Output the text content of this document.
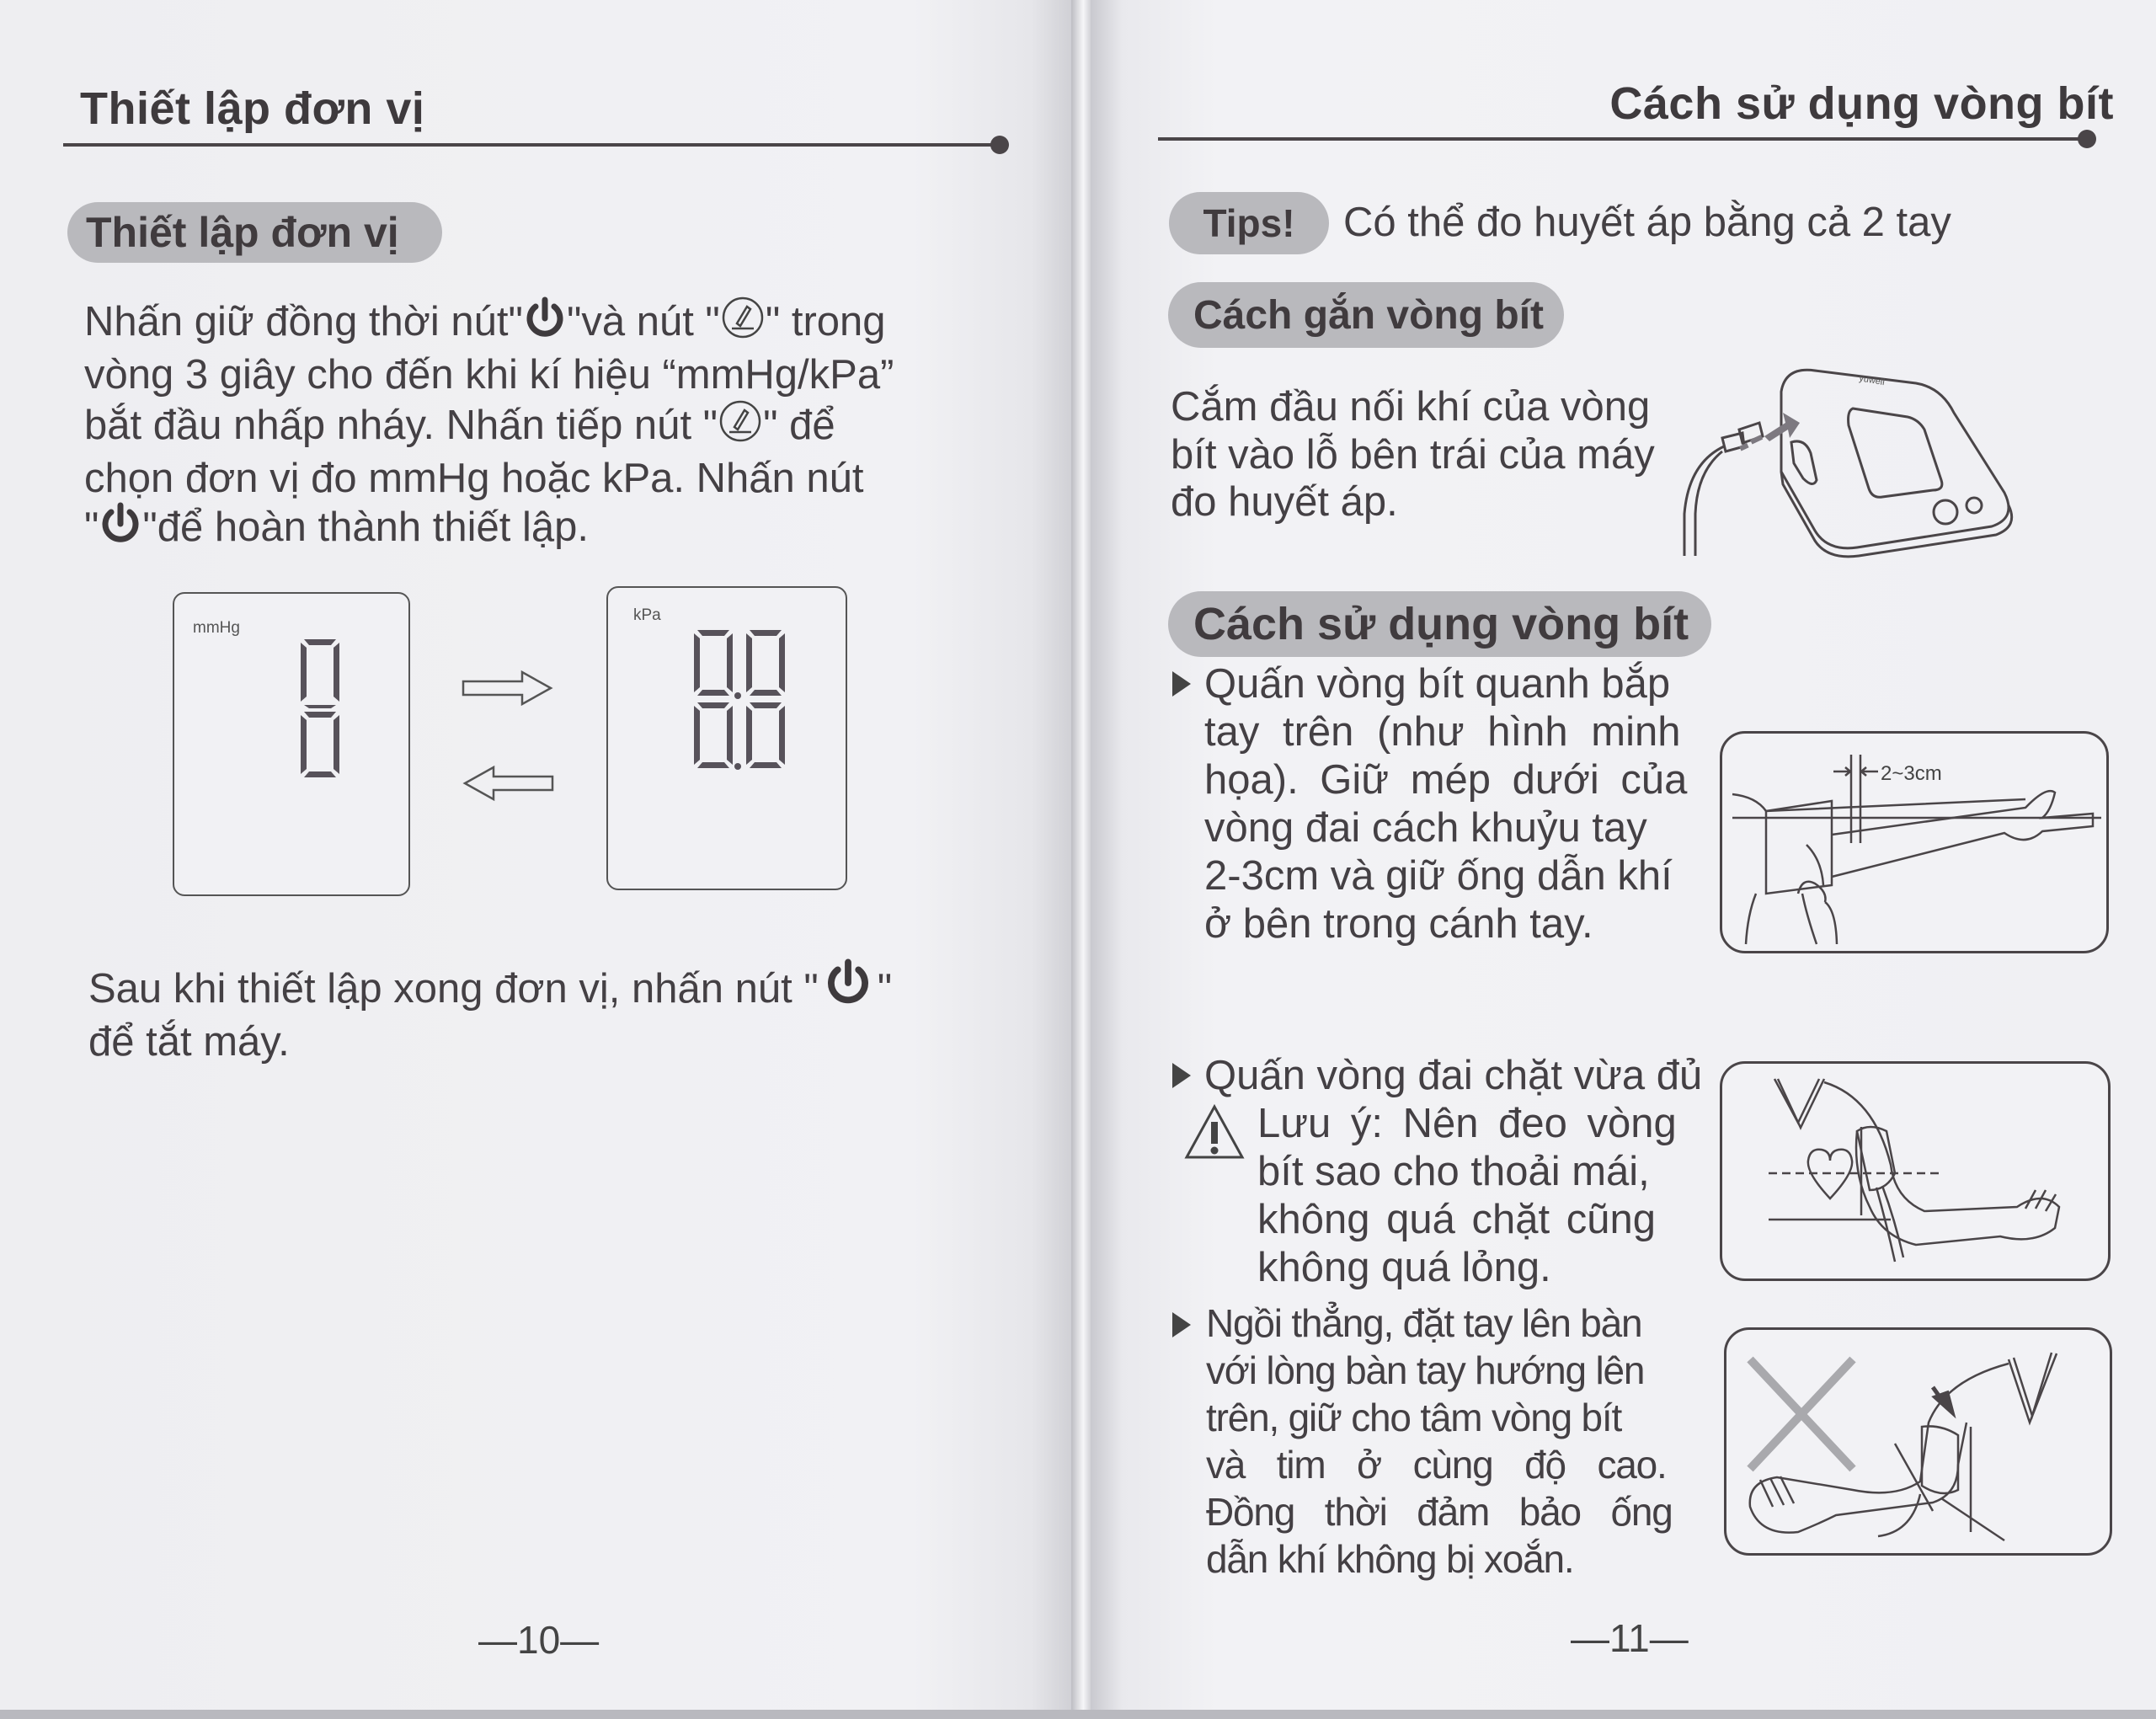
Thiết lập đơn vị
Thiết lập đơn vị
Nhấn giữ đồng thời nút" "và nút " " trong
vòng 3 giây cho đến khi kí hiệu “mmHg/kPa”
bắt đầu nhấp nháy. Nhấn tiếp nút " " để
chọn đơn vị đo mmHg hoặc kPa. Nhấn nút
" "để hoàn thành thiết lập.
mmHg
kPa
Sau khi thiết lập xong đơn vị, nhấn nút " "
để tắt máy.
—10—
Cách sử dụng vòng bít
Tips! Có thể đo huyết áp bằng cả 2 tay
Cách gắn vòng bít
Cắm đầu nối khí của vòng
bít vào lỗ bên trái của máy
đo huyết áp.
yuwell
Cách sử dụng vòng bít
Quấn vòng bít quanh bắp
tay trên (như hình minh
họa). Giữ mép dưới của
vòng đai cách khuỷu tay
2-3cm và giữ ống dẫn khí
ở bên trong cánh tay.
2~3cm
Quấn vòng đai chặt vừa đủ
Lưu ý: Nên đeo vòng
bít sao cho thoải mái,
không quá chặt cũng
không quá lỏng.
Ngồi thẳng, đặt tay lên bàn
với lòng bàn tay hướng lên
trên, giữ cho tâm vòng bít
và tim ở cùng độ cao.
Đồng thời đảm bảo ống
dẫn khí không bị xoắn.
—11—
